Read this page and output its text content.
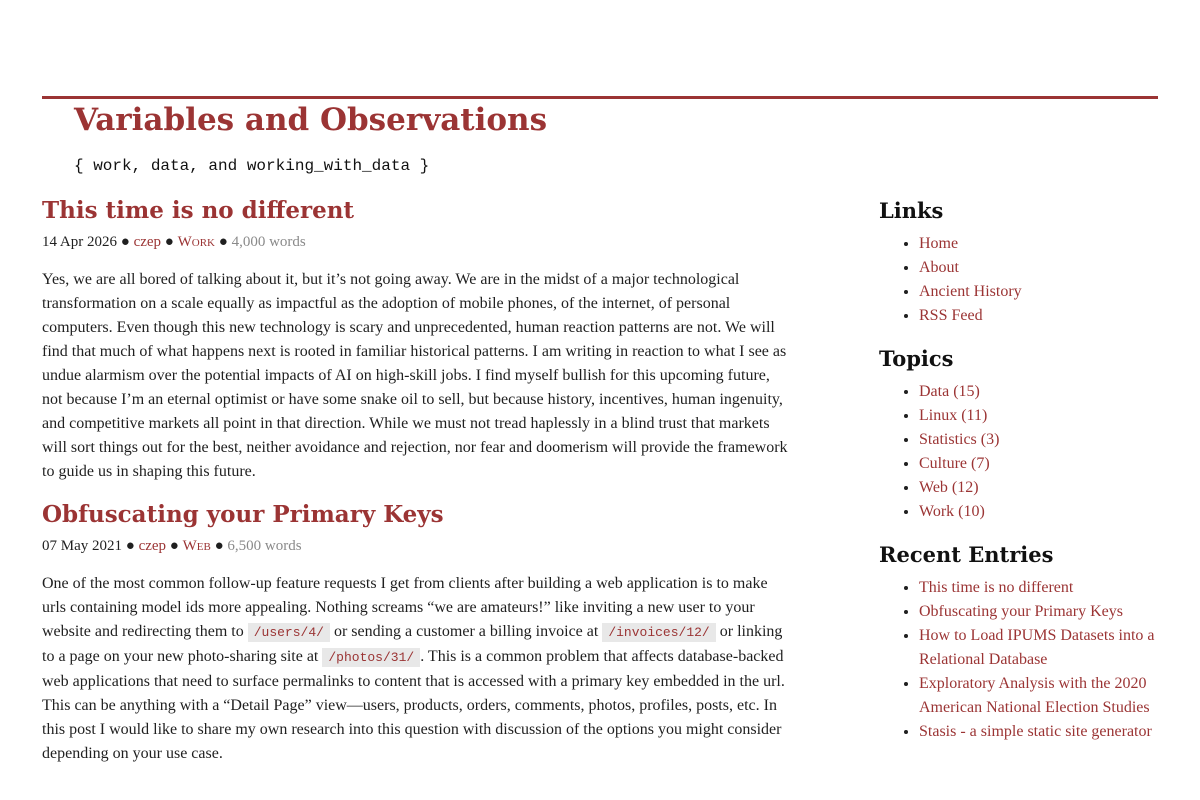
Variables and Observations

{ work, data, and working_with_data }

This time is no different
14 Apr 2026 ● czep ● Work ● 4,000 words

Yes, we are all bored of talking about it, but it’s not going away. We are in the midst of a major technological transformation on a scale equally as impactful as the adoption of mobile phones, of the internet, of personal computers. Even though this new technology is scary and unprecedented, human reaction patterns are not. We will find that much of what happens next is rooted in familiar historical patterns. I am writing in reaction to what I see as undue alarmism over the potential impacts of AI on high-skill jobs. I find myself bullish for this upcoming future, not because I’m an eternal optimist or have some snake oil to sell, but because history, incentives, human ingenuity, and competitive markets all point in that direction. While we must not tread haplessly in a blind trust that markets will sort things out for the best, neither avoidance and rejection, nor fear and doomerism will provide the framework to guide us in shaping this future.

Obfuscating your Primary Keys
07 May 2021 ● czep ● Web ● 6,500 words

One of the most common follow-up feature requests I get from clients after building a web application is to make urls containing model ids more appealing. Nothing screams “we are amateurs!” like inviting a new user to your website and redirecting them to /users/4/ or sending a customer a billing invoice at /invoices/12/ or linking to a page on your new photo-sharing site at /photos/31/ . This is a common problem that affects database-backed web applications that need to surface permalinks to content that is accessed with a primary key embedded in the url. This can be anything with a “Detail Page” view—users, products, orders, comments, photos, profiles, posts, etc. In this post I would like to share my own research into this question with discussion of the options you might consider depending on your use case.

Links
• Home
• About
• Ancient History
• RSS Feed
Topics
• Data (15)
• Linux (11)
• Statistics (3)
• Culture (7)
• Web (12)
• Work (10)
Recent Entries
• This time is no different
• Obfuscating your Primary Keys
• How to Load IPUMS Datasets into a Relational Database
• Exploratory Analysis with the 2020 American National Election Studies
• Stasis - a simple static site generator
